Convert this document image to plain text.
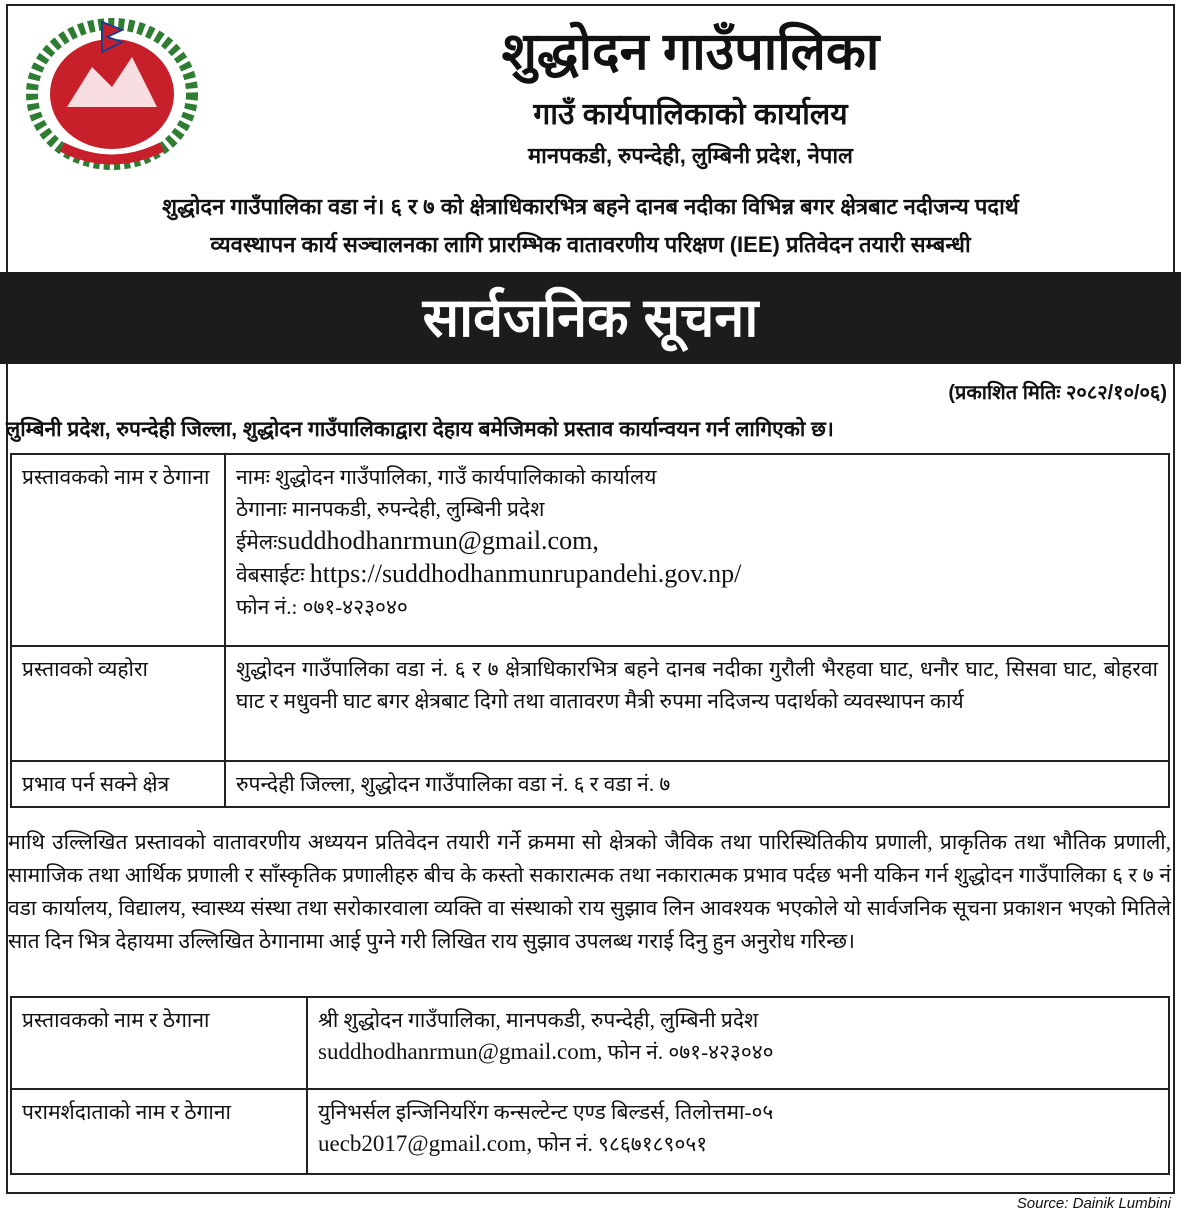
शुद्धोदन गाउँपालिका
गाउँ कार्यपालिकाको कार्यालय
मानपकडी, रुपन्देही, लुम्बिनी प्रदेश, नेपाल
शुद्धोदन गाउँपालिका वडा नं। ६ र ७ को क्षेत्राधिकारभित्र बहने दानब नदीका विभिन्न बगर क्षेत्रबाट नदीजन्य पदार्थ
व्यवस्थापन कार्य सञ्चालनका लागि प्रारम्भिक वातावरणीय परिक्षण (IEE) प्रतिवेदन तयारी सम्बन्धी
सार्वजनिक सूचना
(प्रकाशित मितिः २०८२/१०/०६)
लुम्बिनी प्रदेश, रुपन्देही जिल्ला, शुद्धोदन गाउँपालिकाद्वारा देहाय बमेजिमको प्रस्ताव कार्यान्वयन गर्न लागिएको छ।
प्रस्तावकको नाम र ठेगाना	नामः शुद्धोदन गाउँपालिका, गाउँ कार्यपालिकाको कार्यालय
ठेगानाः मानपकडी, रुपन्देही, लुम्बिनी प्रदेश
ईमेलःsuddhodhanrmun@gmail.com,
वेबसाईटः https://suddhodhanmunrupandehi.gov.np/
फोन नं.: ०७१-४२३०४०

प्रस्तावको व्यहोरा	शुद्धोदन गाउँपालिका वडा नं. ६ र ७ क्षेत्राधिकारभित्र बहने दानब नदीका गुरौली भैरहवा घाट, धनौर घाट, सिसवा घाट, बोहरवा घाट र मधुवनी घाट बगर क्षेत्रबाट दिगो तथा वातावरण मैत्री रुपमा नदिजन्य पदार्थको व्यवस्थापन कार्य
प्रभाव पर्न सक्ने क्षेत्र	रुपन्देही जिल्ला, शुद्धोदन गाउँपालिका वडा नं. ६ र वडा नं. ७
माथि उल्लिखित प्रस्तावको वातावरणीय अध्ययन प्रतिवेदन तयारी गर्ने क्रममा सो क्षेत्रको जैविक तथा पारिस्थितिकीय प्रणाली, प्राकृतिक तथा भौतिक प्रणाली, सामाजिक तथा आर्थिक प्रणाली र साँस्कृतिक प्रणालीहरु बीच के कस्तो सकारात्मक तथा नकारात्मक प्रभाव पर्दछ भनी यकिन गर्न शुद्धोदन गाउँपालिका ६ र ७ नं वडा कार्यालय, विद्यालय, स्वास्थ्य संस्था तथा सरोकारवाला व्यक्ति वा संस्थाको राय सुझाव लिन आवश्यक भएकोले यो सार्वजनिक सूचना प्रकाशन भएको मितिले सात दिन भित्र देहायमा उल्लिखित ठेगानामा आई पुग्ने गरी लिखित राय सुझाव उपलब्ध गराई दिनु हुन अनुरोध गरिन्छ।
प्रस्तावकको नाम र ठेगाना	श्री शुद्धोदन गाउँपालिका, मानपकडी, रुपन्देही, लुम्बिनी प्रदेश
suddhodhanrmun@gmail.com, फोन नं. ०७१-४२३०४०

परामर्शदाताको नाम र ठेगाना	युनिभर्सल इन्जिनियरिंग कन्सल्टेन्ट एण्ड बिल्डर्स, तिलोत्तमा-०५
uecb2017@gmail.com, फोन नं. ९८६७१८९०५१
Source: Dainik Lumbini
